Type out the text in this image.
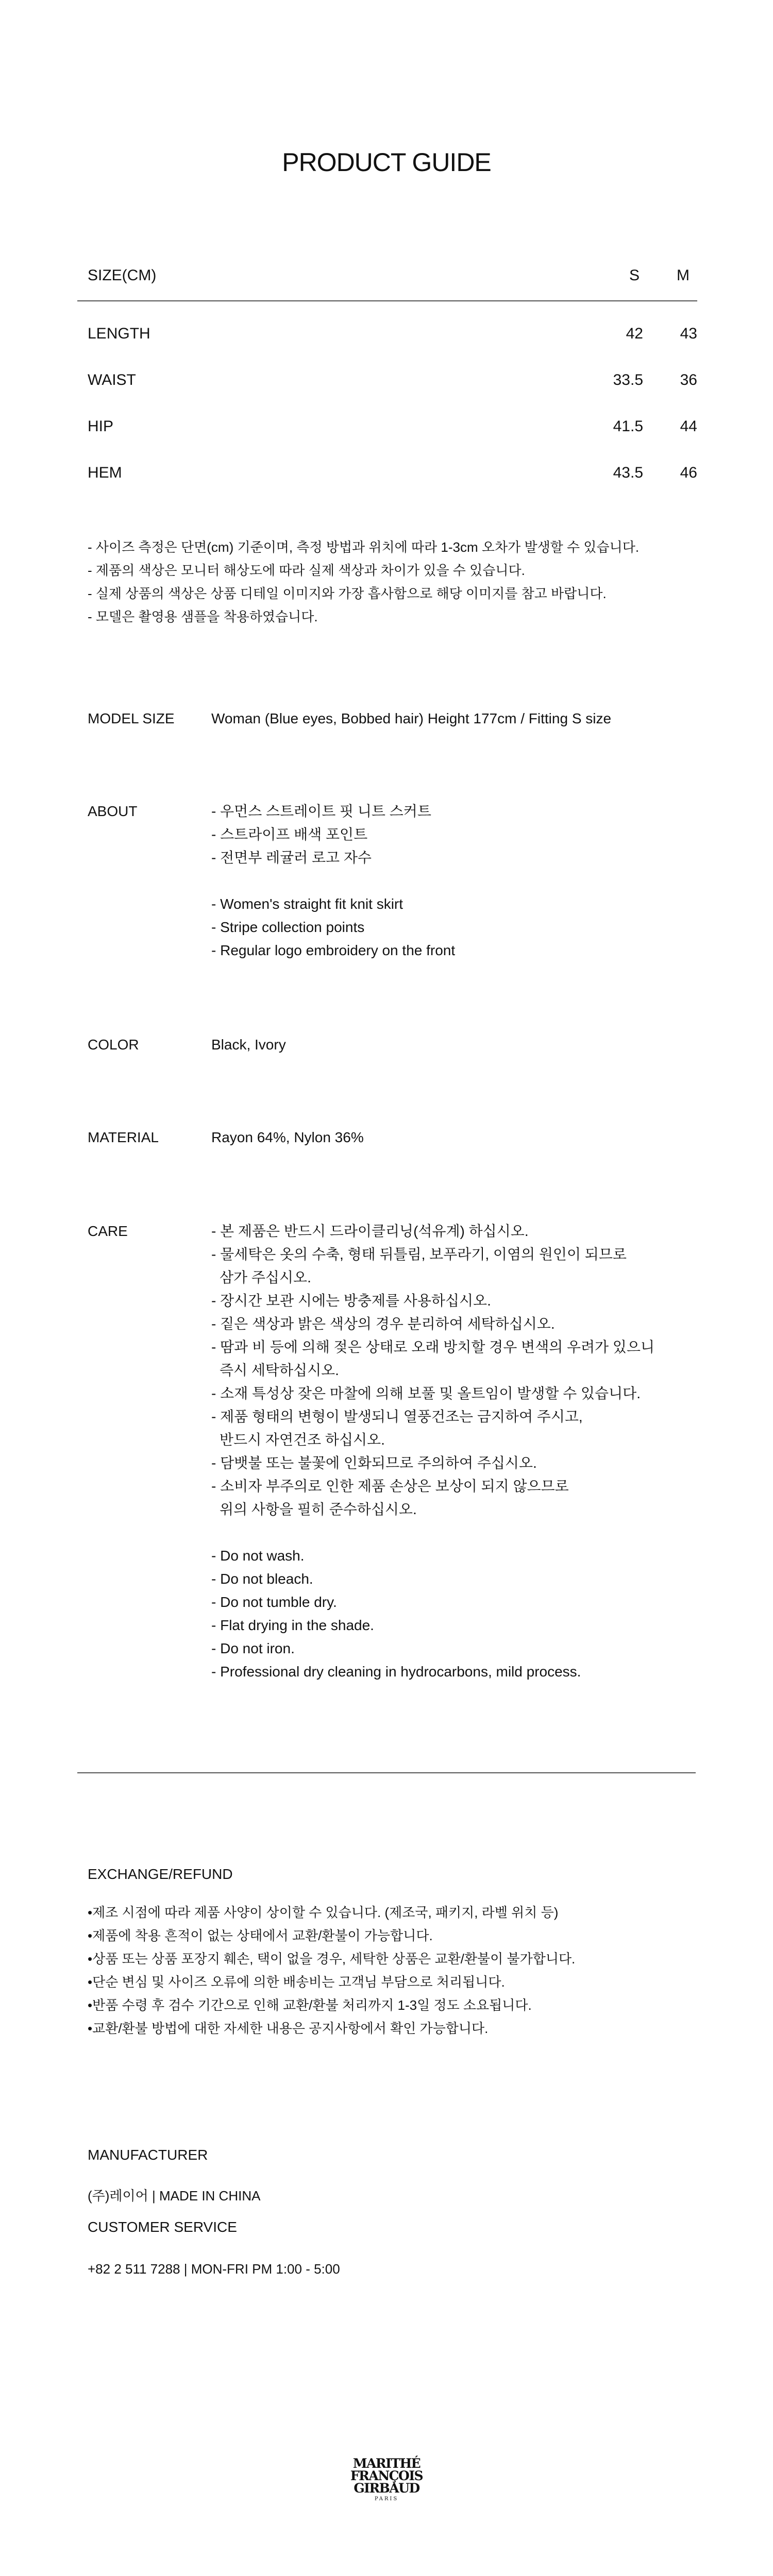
PRODUCT GUIDE
SIZE(CM)	S M
LENGTH	42 43
WAIST	33.5 36
HIP	41.5 44
HEM	43.5 46
- 사이즈 측정은 단면(cm) 기준이며, 측정 방법과 위치에 따라 1-3cm 오차가 발생할 수 있습니다.
- 제품의 색상은 모니터 해상도에 따라 실제 색상과 차이가 있을 수 있습니다.
- 실제 상품의 색상은 상품 디테일 이미지와 가장 흡사함으로 해당 이미지를 참고 바랍니다.
- 모델은 촬영용 샘플을 착용하였습니다.
MODEL SIZE	Woman (Blue eyes, Bobbed hair) Height 177cm / Fitting S size
ABOUT	- 우먼스 스트레이트 핏 니트 스커트
- 스트라이프 배색 포인트
- 전면부 레귤러 로고 자수
- Women's straight fit knit skirt
- Stripe collection points
- Regular logo embroidery on the front
COLOR	Black, Ivory
MATERIAL	Rayon 64%, Nylon 36%
CARE	- 본 제품은 반드시 드라이클리닝(석유계) 하십시오.
- 물세탁은 옷의 수축, 형태 뒤틀림, 보푸라기, 이염의 원인이 되므로
삼가 주십시오.
- 장시간 보관 시에는 방충제를 사용하십시오.
- 짙은 색상과 밝은 색상의 경우 분리하여 세탁하십시오.
- 땀과 비 등에 의해 젖은 상태로 오래 방치할 경우 변색의 우려가 있으니
즉시 세탁하십시오.
- 소재 특성상 잦은 마찰에 의해 보풀 및 올트임이 발생할 수 있습니다.
- 제품 형태의 변형이 발생되니 열풍건조는 금지하여 주시고,
반드시 자연건조 하십시오.
- 담뱃불 또는 불꽃에 인화되므로 주의하여 주십시오.
- 소비자 부주의로 인한 제품 손상은 보상이 되지 않으므로
위의 사항을 필히 준수하십시오.
- Do not wash.
- Do not bleach.
- Do not tumble dry.
- Flat drying in the shade.
- Do not iron.
- Professional dry cleaning in hydrocarbons, mild process.
EXCHANGE/REFUND
•제조 시점에 따라 제품 사양이 상이할 수 있습니다. (제조국, 패키지, 라벨 위치 등)
•제품에 착용 흔적이 없는 상태에서 교환/환불이 가능합니다.
•상품 또는 상품 포장지 훼손, 택이 없을 경우, 세탁한 상품은 교환/환불이 불가합니다.
•단순 변심 및 사이즈 오류에 의한 배송비는 고객님 부담으로 처리됩니다.
•반품 수령 후 검수 기간으로 인해 교환/환불 처리까지 1-3일 정도 소요됩니다.
•교환/환불 방법에 대한 자세한 내용은 공지사항에서 확인 가능합니다.
MANUFACTURER
(주)레이어 | MADE IN CHINA
CUSTOMER SERVICE
+82 2 511 7288 | MON-FRI PM 1:00 - 5:00
MARITHÉ
FRANÇOIS
GIRBAUD
PARIS
